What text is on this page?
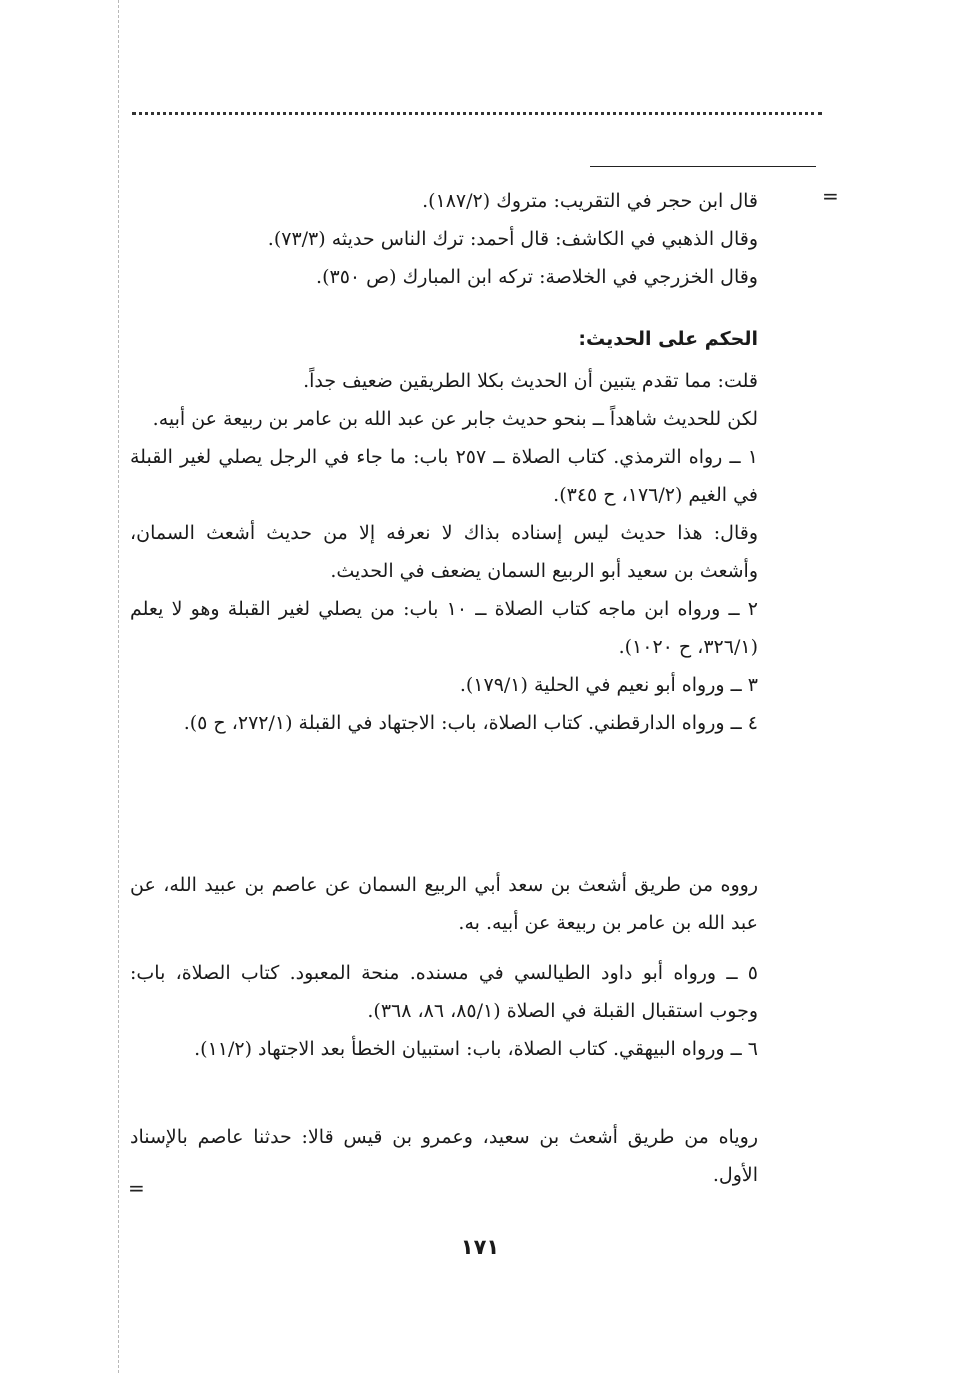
=

قال ابن حجر في التقريب: متروك (١٨٧/٢).

وقال الذهبي في الكاشف: قال أحمد: ترك الناس حديثه (٧٣/٣).

وقال الخزرجي في الخلاصة: تركه ابن المبارك (ص ٣٥٠).

الحكم على الحديث:

قلت: مما تقدم يتبين أن الحديث بكلا الطريقين ضعيف جداً.

لكن للحديث شاهداً ــ بنحو حديث جابر عن عبد الله بن عامر بن ربيعة عن أبيه.

١ ــ رواه الترمذي. كتاب الصلاة ــ ٢٥٧ باب: ما جاء في الرجل يصلي لغير القبلة في الغيم (١٧٦/٢، ح ٣٤٥).

وقال: هذا حديث ليس إسناده بذاك لا نعرفه إلا من حديث أشعث السمان، وأشعث بن سعيد أبو الربيع السمان يضعف في الحديث.

٢ ــ ورواه ابن ماجه كتاب الصلاة ــ ١٠ باب: من يصلي لغير القبلة وهو لا يعلم (٣٢٦/١، ح ١٠٢٠).

٣ ــ ورواه أبو نعيم في الحلية (١٧٩/١).

٤ ــ ورواه الدارقطني. كتاب الصلاة، باب: الاجتهاد في القبلة (٢٧٢/١، ح ٥).

رووه من طريق أشعث بن سعد أبي الربيع السمان عن عاصم بن عبيد الله، عن عبد الله بن عامر بن ربيعة عن أبيه. به.

٥ ــ ورواه أبو داود الطيالسي في مسنده. منحة المعبود. كتاب الصلاة، باب: وجوب استقبال القبلة في الصلاة (٨٥/١، ٨٦، ٣٦٨).

٦ ــ ورواه البيهقي. كتاب الصلاة، باب: استبيان الخطأ بعد الاجتهاد (١١/٢).

روياه من طريق أشعث بن سعيد، وعمرو بن قيس قالا: حدثنا عاصم بالإسناد الأول.

=
١٧١
